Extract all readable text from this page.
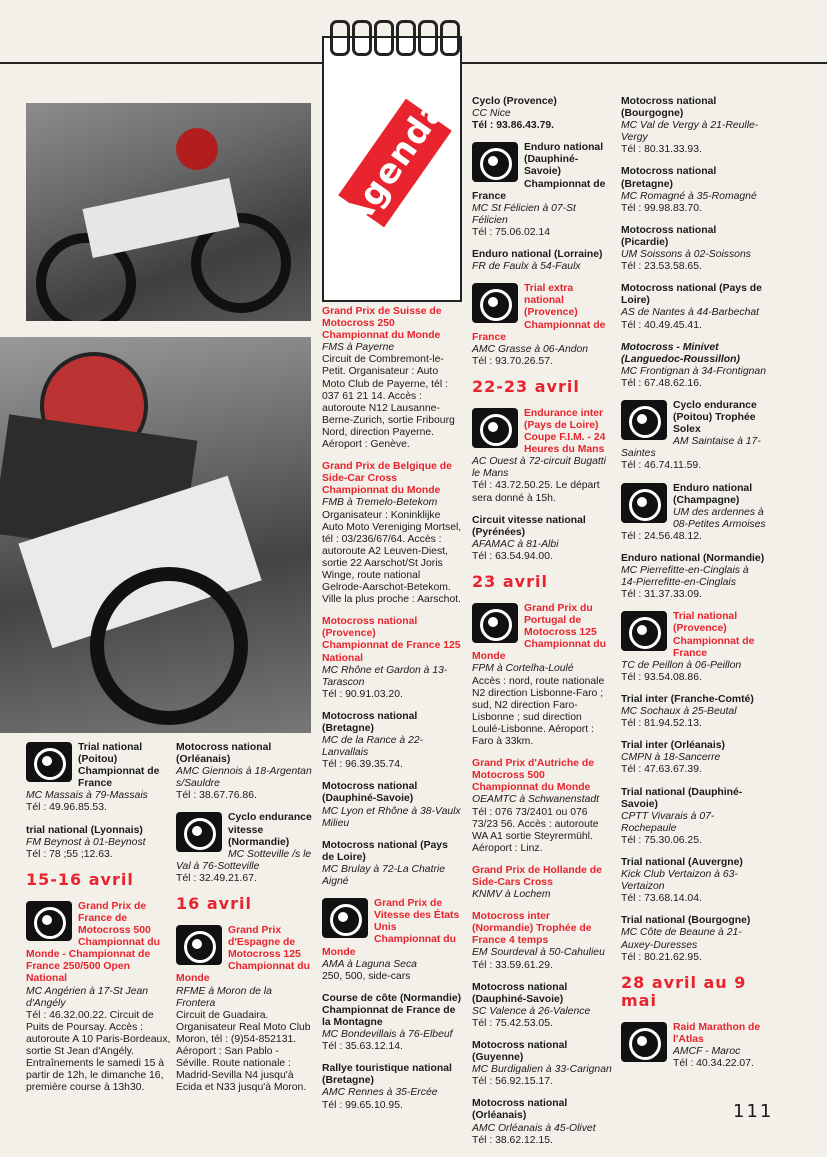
Agenda

Trial national (Poitou)
Championnat de France
MC Massais à 79-Massais
Tél : 49.96.85.53.

trial national (Lyonnais)
FM Beynost à 01-Beynost
Tél : 78 ;55 ;12.63.

15-16 avril

Grand Prix de France de Motocross 500
Championnat du Monde - Championnat de France 250/500 Open National
MC Angérien à 17-St Jean d'Angély
Tél : 46.32.00.22. Circuit de Puits de Poursay. Accès : autoroute A 10 Paris-Bordeaux, sortie St Jean d'Angély. Entraînements le samedi 15 à partir de 12h, le dimanche 16, première course à 13h30.

Motocross national (Orléanais)
AMC Giennois à 18-Argentan s/Sauldre
Tél : 38.67.76.86.

Cyclo endurance vitesse (Normandie)
MC Sotteville /s le Val à 76-Sotteville
Tél : 32.49.21.67.

16 avril

Grand Prix d'Espagne de Motocross 125
Championnat du Monde
RFME à Moron de la Frontera
Circuit de Guadaira. Organisateur Real Moto Club Moron, tél : (9)54-852131. Aéroport : San Pablo - Séville. Route nationale : Madrid-Sevilla N4 jusqu'à Ecida et N33 jusqu'à Moron.

Grand Prix de Suisse de Motocross 250
Championnat du Monde
FMS à Payerne
Circuit de Combremont-le-Petit. Organisateur : Auto Moto Club de Payerne, tél : 037 61 21 14. Accès : autoroute N12 Lausanne-Berne-Zurich, sortie Fribourg Nord, direction Payerne. Aéroport : Genève.

Grand Prix de Belgique de Side-Car Cross
Championnat du Monde
FMB à Tremelo-Betekom
Organisateur : Koninklijke Auto Moto Vereniging Mortsel, tél : 03/236/67/64. Accès : autoroute A2 Leuven-Diest, sortie 22 Aarschot/St Joris Winge, route national Gelrode-Aarschot-Betekom. Ville la plus proche : Aarschot.

Motocross national (Provence)
Championnat de France 125 National
MC Rhône et Gardon à 13-Tarascon
Tél : 90.91.03.20.

Motocross national (Bretagne)
MC de la Rance à 22-Lanvallais
Tél : 96.39.35.74.

Motocross national (Dauphiné-Savoie)
MC Lyon et Rhône à 38-Vaulx Milieu

Motocross national (Pays de Loire)
MC Brulay à 72-La Chatrie Aigné

Grand Prix de Vitesse des États Unis
Championnat du Monde
AMA à Laguna Seca
250, 500, side-cars

Course de côte (Normandie) Championnat de France de la Montagne
MC Bondevillais à 76-Elbeuf
Tél : 35.63.12.14.

Rallye touristique national (Bretagne)
AMC Rennes à 35-Ercée
Tél : 99.65.10.95.

Cyclo (Provence)
CC Nice
Tél : 93.86.43.79.

Enduro national (Dauphiné-Savoie) Championnat de France
MC St Félicien à 07-St Félicien
Tél : 75.06.02.14

Enduro national (Lorraine)
FR de Faulx à 54-Faulx

Trial extra national (Provence) Championnat de France
AMC Grasse à 06-Andon
Tél : 93.70.26.57.

22-23 avril

Endurance inter (Pays de Loire) Coupe F.I.M. - 24 Heures du Mans
AC Ouest à 72-circuit Bugatti le Mans
Tél : 43.72.50.25. Le départ sera donné à 15h.

Circuit vitesse national (Pyrénées)
AFAMAC à 81-Albi
Tél : 63.54.94.00.

23 avril

Grand Prix du Portugal de Motocross 125
Championnat du Monde
FPM à Cortelha-Loulé
Accès : nord, route nationale N2 direction Lisbonne-Faro ; sud, N2 direction Faro-Lisbonne ; sud direction Loulé-Lisbonne. Aéroport : Faro à 33km.

Grand Prix d'Autriche de Motocross 500
Championnat du Monde
OEAMTC à Schwanenstadt
Tél : 076 73/2401 ou 076 73/23 56. Accès : autoroute WA A1 sortie Steyrermühl. Aéroport : Linz.

Grand Prix de Hollande de Side-Cars Cross
KNMV à Lochem

Motocross inter (Normandie) Trophée de France 4 temps
EM Sourdeval à 50-Cahulieu
Tél : 33.59.61.29.

Motocross national (Dauphiné-Savoie)
SC Valence à 26-Valence
Tél : 75.42.53.05.

Motocross national (Guyenne)
MC Burdigalien à 33-Carignan
Tél : 56.92.15.17.

Motocross national (Orléanais)
AMC Orléanais à 45-Olivet
Tél : 38.62.12.15.

Motocross national (Bourgogne)
MC Val de Vergy à 21-Reulle-Vergy
Tél : 80.31.33.93.

Motocross national (Bretagne)
MC Romagné à 35-Romagné
Tél : 99.98.83.70.

Motocross national (Picardie)
UM Soissons à 02-Soissons
Tél : 23.53.58.65.

Motocross national (Pays de Loire)
AS de Nantes à 44-Barbechat
Tél : 40.49.45.41.

Motocross - Minivet (Languedoc-Roussillon)
MC Frontignan à 34-Frontignan
Tél : 67.48.62.16.

Cyclo endurance (Poitou) Trophée Solex
AM Saintaise à 17-Saintes
Tél : 46.74.11.59.

Enduro national (Champagne)
UM des ardennes à 08-Petites Armoises
Tél : 24.56.48.12.

Enduro national (Normandie)
MC Pierrefitte-en-Cinglais à 14-Pierrefitte-en-Cinglais
Tél : 31.37.33.09.

Trial national (Provence) Championnat de France
TC de Peillon à 06-Peillon
Tél : 93.54.08.86.

Trial inter (Franche-Comté)
MC Sochaux à 25-Beutal
Tél : 81.94.52.13.

Trial inter (Orléanais)
CMPN à 18-Sancerre
Tél : 47.63.67.39.

Trial national (Dauphiné-Savoie)
CPTT Vivarais à 07-Rochepaule
Tél : 75.30.06.25.

Trial national (Auvergne)
Kick Club Vertaizon à 63-Vertaizon
Tél : 73.68.14.04.

Trial national (Bourgogne)
MC Côte de Beaune à 21-Auxey-Duresses
Tél : 80.21.62.95.

28 avril au 9 mai

Raid Marathon de l'Atlas
AMCF - Maroc
Tél : 40.34.22.07.

111
